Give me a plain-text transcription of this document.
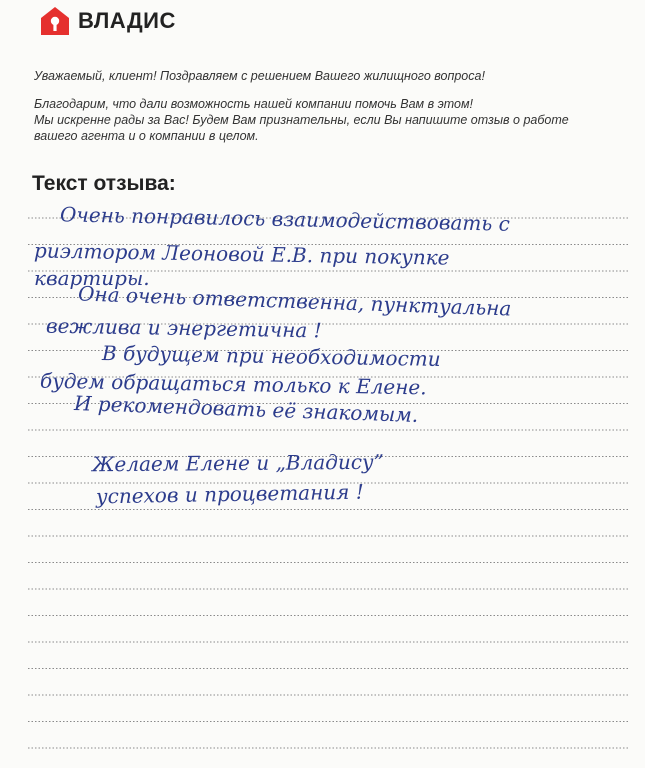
ВЛАДИС
Уважаемый, клиент! Поздравляем с решением Вашего жилищного вопроса!
Благодарим, что дали возможность нашей компании помочь Вам в этом!
Мы искренне рады за Вас! Будем Вам признательны, если Вы напишите отзыв о работе
вашего агента и о компании в целом.
Текст отзыва:
Очень понравилось взаимодействовать с
риэлтором Леоновой Е.В. при покупке
квартиры.
Она очень ответственна, пунктуальна
вежлива и энергетична !
В будущем при необходимости
будем обращаться только к Елене.
И рекомендовать её знакомым.
Желаем Елене и „Владису”
успехов и процветания !
